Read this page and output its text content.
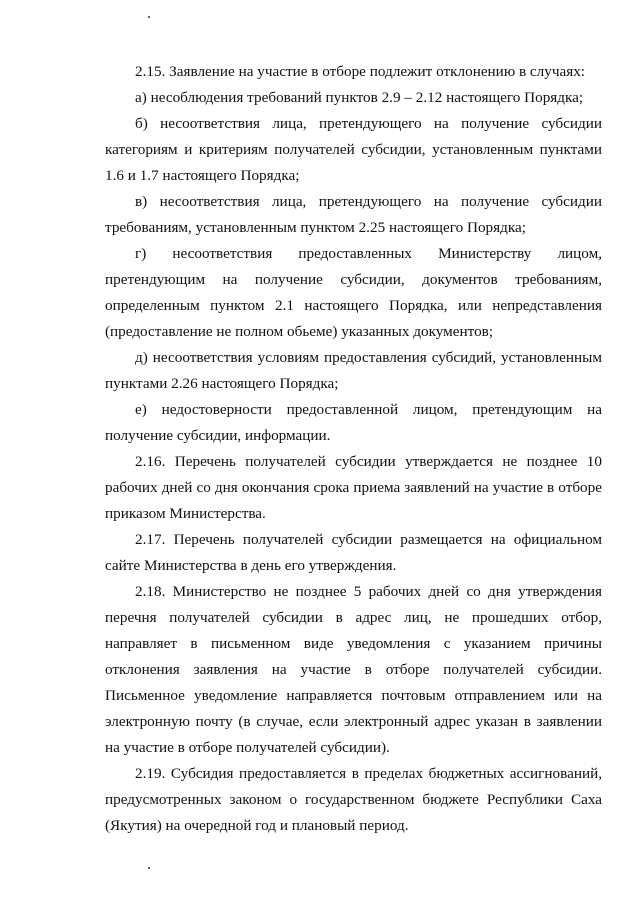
2.15. Заявление на участие в отборе подлежит отклонению в случаях:

а) несоблюдения требований пунктов 2.9 – 2.12 настоящего Порядка;

б) несоответствия лица, претендующего на получение субсидии категориям и критериям получателей субсидии, установленным пунктами 1.6 и 1.7 настоящего Порядка;

в) несоответствия лица, претендующего на получение субсидии требованиям, установленным пунктом 2.25 настоящего Порядка;

г) несоответствия предоставленных Министерству лицом, претендующим на получение субсидии, документов требованиям, определенным пунктом 2.1 настоящего Порядка, или непредставления (предоставление не полном обьеме) указанных документов;

д) несоответствия условиям предоставления субсидий, установленным пунктами 2.26 настоящего Порядка;

е) недостоверности предоставленной лицом, претендующим на получение субсидии, информации.

2.16. Перечень получателей субсидии утверждается не позднее 10 рабочих дней со дня окончания срока приема заявлений на участие в отборе приказом Министерства.

2.17. Перечень получателей субсидии размещается на официальном сайте Министерства в день его утверждения.

2.18. Министерство не позднее 5 рабочих дней со дня утверждения перечня получателей субсидии в адрес лиц, не прошедших отбор, направляет в письменном виде уведомления с указанием причины отклонения заявления на участие в отборе получателей субсидии. Письменное уведомление направляется почтовым отправлением или на электронную почту (в случае, если электронный адрес указан в заявлении на участие в отборе получателей субсидии).

2.19. Субсидия предоставляется в пределах бюджетных ассигнований, предусмотренных законом о государственном бюджете Республики Саха (Якутия) на очередной год и плановый период.
